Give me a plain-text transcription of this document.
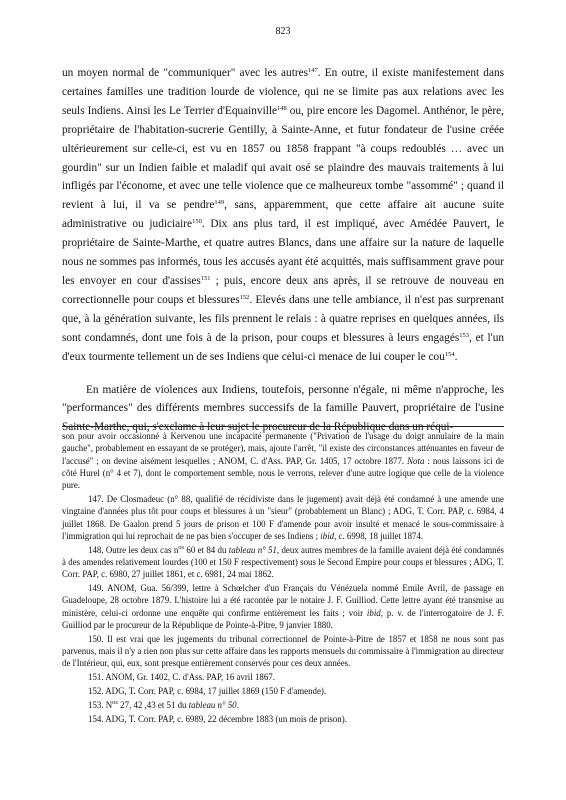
823

un moyen normal de "communiquer" avec les autres$^{147}$. En outre, il existe manifestement dans certaines familles une tradition lourde de violence, qui ne se limite pas aux relations avec les seuls Indiens. Ainsi les Le Terrier d'Equainville$^{148}$ ou, pire encore les Dagomel. Anthénor, le père, propriétaire de l'habitation-sucrerie Gentilly, à Sainte-Anne, et futur fondateur de l'usine créée ultérieurement sur celle-ci, est vu en 1857 ou 1858 frappant "à coups redoublés … avec un gourdin" sur un Indien faible et maladif qui avait osé se plaindre des mauvais traitements à lui infligés par l'économe, et avec une telle violence que ce malheureux tombe "assommé" ; quand il revient à lui, il va se pendre$^{149}$, sans, apparemment, que cette affaire ait aucune suite administrative ou judiciaire$^{150}$. Dix ans plus tard, il est impliqué, avec Amédée Pauvert, le propriétaire de Sainte-Marthe, et quatre autres Blancs, dans une affaire sur la nature de laquelle nous ne sommes pas informés, tous les accusés ayant été acquittés, mais suffisamment grave pour les envoyer en cour d'assises$^{151}$ ; puis, encore deux ans après, il se retrouve de nouveau en correctionnelle pour coups et blessures$^{152}$. Elevés dans une telle ambiance, il n'est pas surprenant que, à la génération suivante, les fils prennent le relais : à quatre reprises en quelques années, ils sont condamnés, dont une fois à de la prison, pour coups et blessures à leurs engagés$^{153}$, et l'un d'eux tourmente tellement un de ses Indiens que celui-ci menace de lui couper le cou$^{154}$.

En matière de violences aux Indiens, toutefois, personne n'égale, ni même n'approche, les "performances" des différents membres successifs de la famille Pauvert, propriétaire de l'usine Sainte-Marthe, qui, s'exclame à leur sujet le procureur de la République dans un réqui-

son pour avoir occasionné à Kervenou une incapacité permanente ("Privation de l'usage du doigt annulaire de la main gauche", probablement en essayant de se protéger), mais, ajoute l'arrêt, "il existe des circonstances atténuantes en faveur de l'accusé" ; on devine aisément lesquelles ; ANOM, C. d'Ass. PAP, Gr. 1405, 17 octobre 1877. Nota : nous laissons ici de côté Hurel (n° 4 et 7), dont le comportement semble, nous le verrons, relever d'une autre logique que celle de la violence pure.

147. De Closmadeuc (n° 88, qualifié de récidiviste dans le jugement) avait déjà été condamné à une amende une vingtaine d'années plus tôt pour coups et blessures à un "sieur" (probablement un Blanc) ; ADG, T. Corr. PAP, c. 6984, 4 juillet 1868. De Gaalon prend 5 jours de prison et 100 F d'amende pour avoir insulté et menacé le sous-commissaire à l'immigration qui lui reprochait de ne pas bien s'occuper de ses Indiens ; ibid, c. 6998, 18 juillet 1874.

148. Outre les deux cas $n^{os}$ 60 et 84 du tableau n° 51, deux autres membres de la famille avaient déjà été condamnés à des amendes relativement lourdes (100 et 150 F respectivement) sous le Second Empire pour coups et blessures ; ADG, T. Corr. PAP, c. 6980, 27 juillet 1861, et c. 6981, 24 mai 1862.

149. ANOM, Gua. 56/399, lettre à Schœlcher d'un Français du Vénézuela nommé Emile Avril, de passage en Guadeloupe, 28 octobre 1879. L'histoire lui a été racontée par le notaire J. F. Guilliod. Cette lettre ayant été transmise au ministère, celui-ci ordonne une enquête qui confirme entièrement les faits ; voir ibid, p. v. de l'interrogatoire de J. F. Guilliod par le procureur de la République de Pointe-à-Pitre, 9 janvier 1880.

150. Il est vrai que les jugements du tribunal correctionnel de Pointe-à-Pitre de 1857 et 1858 ne nous sont pas parvenus, mais il n'y a rien non plus sur cette affaire dans les rapports mensuels du commissaire à l'immigration au directeur de l'Intérieur, qui, eux, sont presque entièrement conservés pour ces deux années.

151. ANOM, Gr. 1402, C. d'Ass. PAP, 16 avril 1867.

152. ADG, T. Corr. PAP, c. 6984, 17 juillet 1869 (150 F d'amende).

153. $N^{os}$ 27, 42 ,43 et 51 du tableau n° 50.

154. ADG, T. Corr. PAP, c. 6989, 22 décembre 1883 (un mois de prison).
